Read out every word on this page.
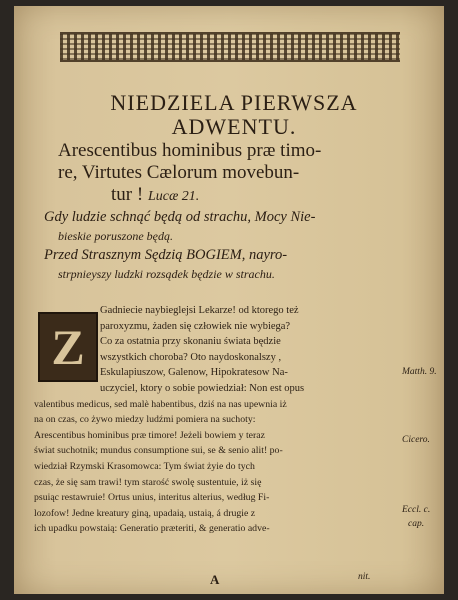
NIEDZIELA PIERWSZA
ADWENTU.
Arescentibus hominibus præ timo-
re, Virtutes Cælorum movebun-
tur ! Lucæ 21.
Gdy ludzie schnąć będą od strachu, Mocy Nie-
bieskie poruszone będą.
Przed Strasznym Sędzią BOGIEM, nayro-
strpnieyszy ludzki rozsądek będzie w strachu.
Z
Gadniecie naybieglejsi Lekarze! od ktorego też
paroxyzmu, żaden się człowiek nie wybiega?
Co za ostatnia przy skonaniu świata będzie
wszystkich choroba? Oto naydoskonalszy ,
Eskulapiuszow, Galenow, Hipokratesow Na-
uczyciel, ktory o sobie powiedział: Non est opus
valentibus medicus, sed malè habentibus, dziś na nas upewnia iż
na on czas, co żywo miedzy ludźmi pomiera na suchoty:
Arescentibus hominibus præ timore! Jeżeli bowiem y teraz
świat suchotnik; mundus consumptione sui, se & senio alit! po-
wiedział Rzymski Krasomowca: Tym świat żyie do tych
czas, że się sam trawi! tym starość swolę sustentuie, iż się
psuiąc restawruie! Ortus unius, interitus alterius, według Fi-
lozofow! Jedne kreatury giną, upadaią, ustaią, á drugie z
ich upadku powstaią: Generatio præteriti, & generatio adve-
Matth. 9.
Cicero.
Eccl. c.
cap.
A	nit.
